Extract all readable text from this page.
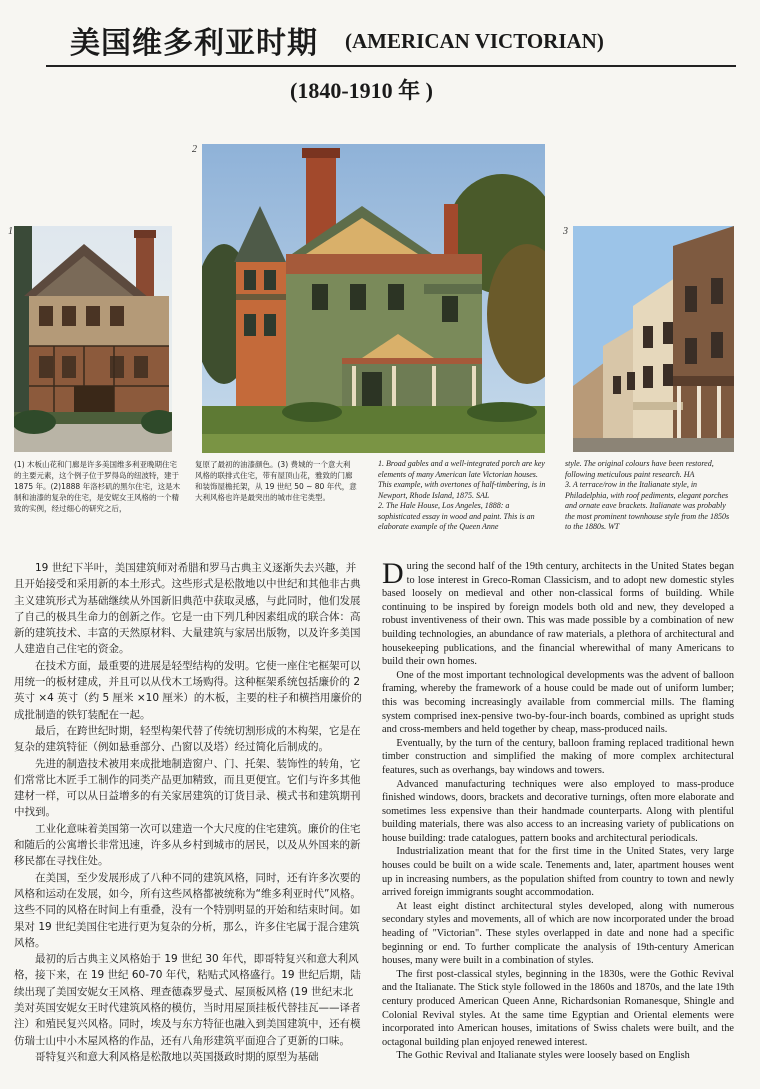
美国维多利亚时期 (AMERICAN VICTORIAN)
(1840-1910 年 )
1
2
3
(1) 木板山花和门廊是许多美国维多利亚晚期住宅的主要元素，这个例子位于罗得岛的纽波特，建于 1875 年。(2)1888 年洛杉矶的黑尔住宅，这是木制和油漆的复杂的住宅，是安妮女王风格的一个精致的实例，经过细心的研究之后，
复原了最初的油漆颜色。(3) 费城的一个意大利风格的联排式住宅，带有屋顶山花，雅致的门廊和装饰屋檐托架，从 19 世纪 50 ~ 80 年代，意大利风格也许是最突出的城市住宅类型。
1. Broad gables and a well-integrated porch are key elements of many American late Victorian houses. This example, with overtones of half-timbering, is in Newport, Rhode Island, 1875. SAL
2. The Hale House, Los Angeles, 1888: a sophisticated essay in wood and paint. This is an elaborate example of the Queen Anne
style. The original colours have been restored, following meticulous paint research. HA
3. A terrace/row in the Italianate style, in Philadelphia, with roof pediments, elegant porches and ornate eave brackets. Italianate was probably the most prominent townhouse style from the 1850s to the 1880s. WT

19 世纪下半叶，美国建筑师对希腊和罗马古典主义逐渐失去兴趣，并且开始接受和采用新的本土形式。这些形式是松散地以中世纪和其他非古典主义建筑形式为基础继续从外国新旧典范中获取灵感，与此同时，他们发展了自己的极具生命力的创新之作。它是一由下列几种因素组成的联合体：高新的建筑技术、丰富的天然原材料、大量建筑与家居出版物，以及许多美国人建造自己住宅的资金。

在技术方面，最重要的进展是轻型结构的发明。它使一座住宅框架可以用统一的板材建成，并且可以从伐木工场购得。这种框架系统包括廉价的 2 英寸 ×4 英寸（约 5 厘米 ×10 厘米）的木板，主要的柱子和横挡用廉价的成批制造的铁钉装配在一起。

最后，在跨世纪时期，轻型构架代替了传统切割形成的木构架，它是在复杂的建筑特征（例如悬垂部分、凸窗以及塔）经过简化后制成的。

先进的制造技术被用来成批地制造窗户、门、托架、装饰性的转角，它们常常比木匠手工制作的同类产品更加精致，而且更便宜。它们与许多其他建材一样，可以从日益增多的有关家居建筑的订货目录、模式书和建筑期刊中找到。

工业化意味着美国第一次可以建造一个大尺度的住宅建筑。廉价的住宅和随后的公寓增长非常迅速，许多从乡村到城市的居民，以及从外国来的新移民都在寻找住处。

在美国，至少发展形成了八种不同的建筑风格，同时，还有许多次要的风格和运动在发展，如今，所有这些风格都被统称为“维多利亚时代”风格。这些不同的风格在时间上有重叠，没有一个特别明显的开始和结束时间。如果对 19 世纪美国住宅进行更为复杂的分析，那么，许多住宅属于混合建筑风格。

最初的后古典主义风格始于 19 世纪 30 年代，即哥特复兴和意大利风格，接下来，在 19 世纪 60-70 年代，粘贴式风格盛行。19 世纪后期，陆续出现了美国安妮女王风格、理查德森罗曼式、屋顶板风格 (19 世纪末北美对英国安妮女王时代建筑风格的模仿，当时用屋顶挂板代替挂瓦——译者注）和殖民复兴风格。同时，埃及与东方特征也融入到美国建筑中，还有模仿瑞士山中小木屋风格的作品，还有八角形建筑平面迎合了更新的口味。

哥特复兴和意大利风格是松散地以英国摄政时期的原型为基础

During the second half of the 19th century, architects in the United States began to lose interest in Greco-Roman Classicism, and to adopt new domestic styles based loosely on medieval and other non-classical forms of building. While continuing to be inspired by foreign models both old and new, they developed a robust inventiveness of their own. This was made possible by a combination of new building technologies, an abundance of raw materials, a plethora of architectural and housekeeping publications, and the financial wherewithal of many Americans to build their own homes.

One of the most important technological developments was the advent of balloon framing, whereby the framework of a house could be made out of uniform lumber; this was becoming increasingly available from commercial mills. The flaming system comprised inex-pensive two-by-four-inch boards, combined as upright studs and cross-members and held together by cheap, mass-produced nails.

Eventually, by the turn of the century, balloon framing replaced traditional hewn timber construction and simplified the making of more complex architectural features, such as overhangs, bay windows and towers.

Advanced manufacturing techniques were also employed to mass-produce finished windows, doors, brackets and decorative turnings, often more elaborate and sometimes less expensive than their handmade counterparts. Along with plentiful building materials, there was also access to an increasing variety of publications on house building: trade catalogues, pattern books and architectural periodicals.

Industrialization meant that for the first time in the United States, very large houses could be built on a wide scale. Tenements and, later, apartment houses went up in increasing numbers, as the population shifted from country to town and newly arrived foreign immigrants sought accommodation.

At least eight distinct architectural styles developed, along with numerous secondary styles and movements, all of which are now incorporated under the broad heading of "Victorian". These styles overlapped in date and none had a specific beginning or end. To further complicate the analysis of 19th-century American houses, many were built in a combination of styles.

The first post-classical styles, beginning in the 1830s, were the Gothic Revival and the Italianate. The Stick style followed in the 1860s and 1870s, and the late 19th century produced American Queen Anne, Richardsonian Romanesque, Shingle and Colonial Revival styles. At the same time Egyptian and Oriental elements were incorporated into American houses, imitations of Swiss chalets were built, and the octagonal building plan enjoyed renewed interest.

The Gothic Revival and Italianate styles were loosely based on English
